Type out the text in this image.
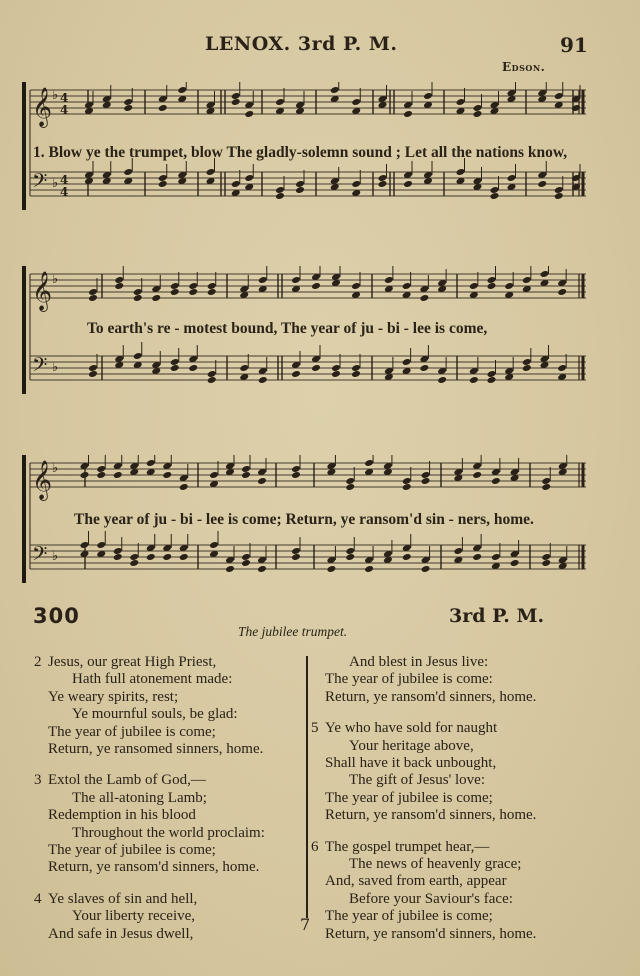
LENOX. 3rd P. M.	91
Edson.
𝄞
𝄢
♭
♭
4
4
4
4
1. Blow ye the trumpet, blow The gladly-solemn sound ; Let all the nations know,
𝄞
𝄢
♭
♭
To earth's re - motest bound, The year of ju - bi - lee is come,
𝄞
𝄢
♭
♭
The year of ju - bi - lee is come; Return, ye ransom'd sin - ners, home.
300	3rd P. M.
The jubilee trumpet.
2 Jesus, our great High Priest,
Hath full atonement made:
Ye weary spirits, rest;
Ye mournful souls, be glad:
The year of jubilee is come;
Return, ye ransomed sinners, home.
3 Extol the Lamb of God,—
The all-atoning Lamb;
Redemption in his blood
Throughout the world proclaim:
The year of jubilee is come;
Return, ye ransom'd sinners, home.
4 Ye slaves of sin and hell,
Your liberty receive,
And safe in Jesus dwell,
And blest in Jesus live:
The year of jubilee is come:
Return, ye ransom'd sinners, home.
5 Ye who have sold for naught
Your heritage above,
Shall have it back unbought,
The gift of Jesus' love:
The year of jubilee is come;
Return, ye ransom'd sinners, home.
6 The gospel trumpet hear,—
The news of heavenly grace;
And, saved from earth, appear
Before your Saviour's face:
The year of jubilee is come;
Return, ye ransom'd sinners, home.
7
